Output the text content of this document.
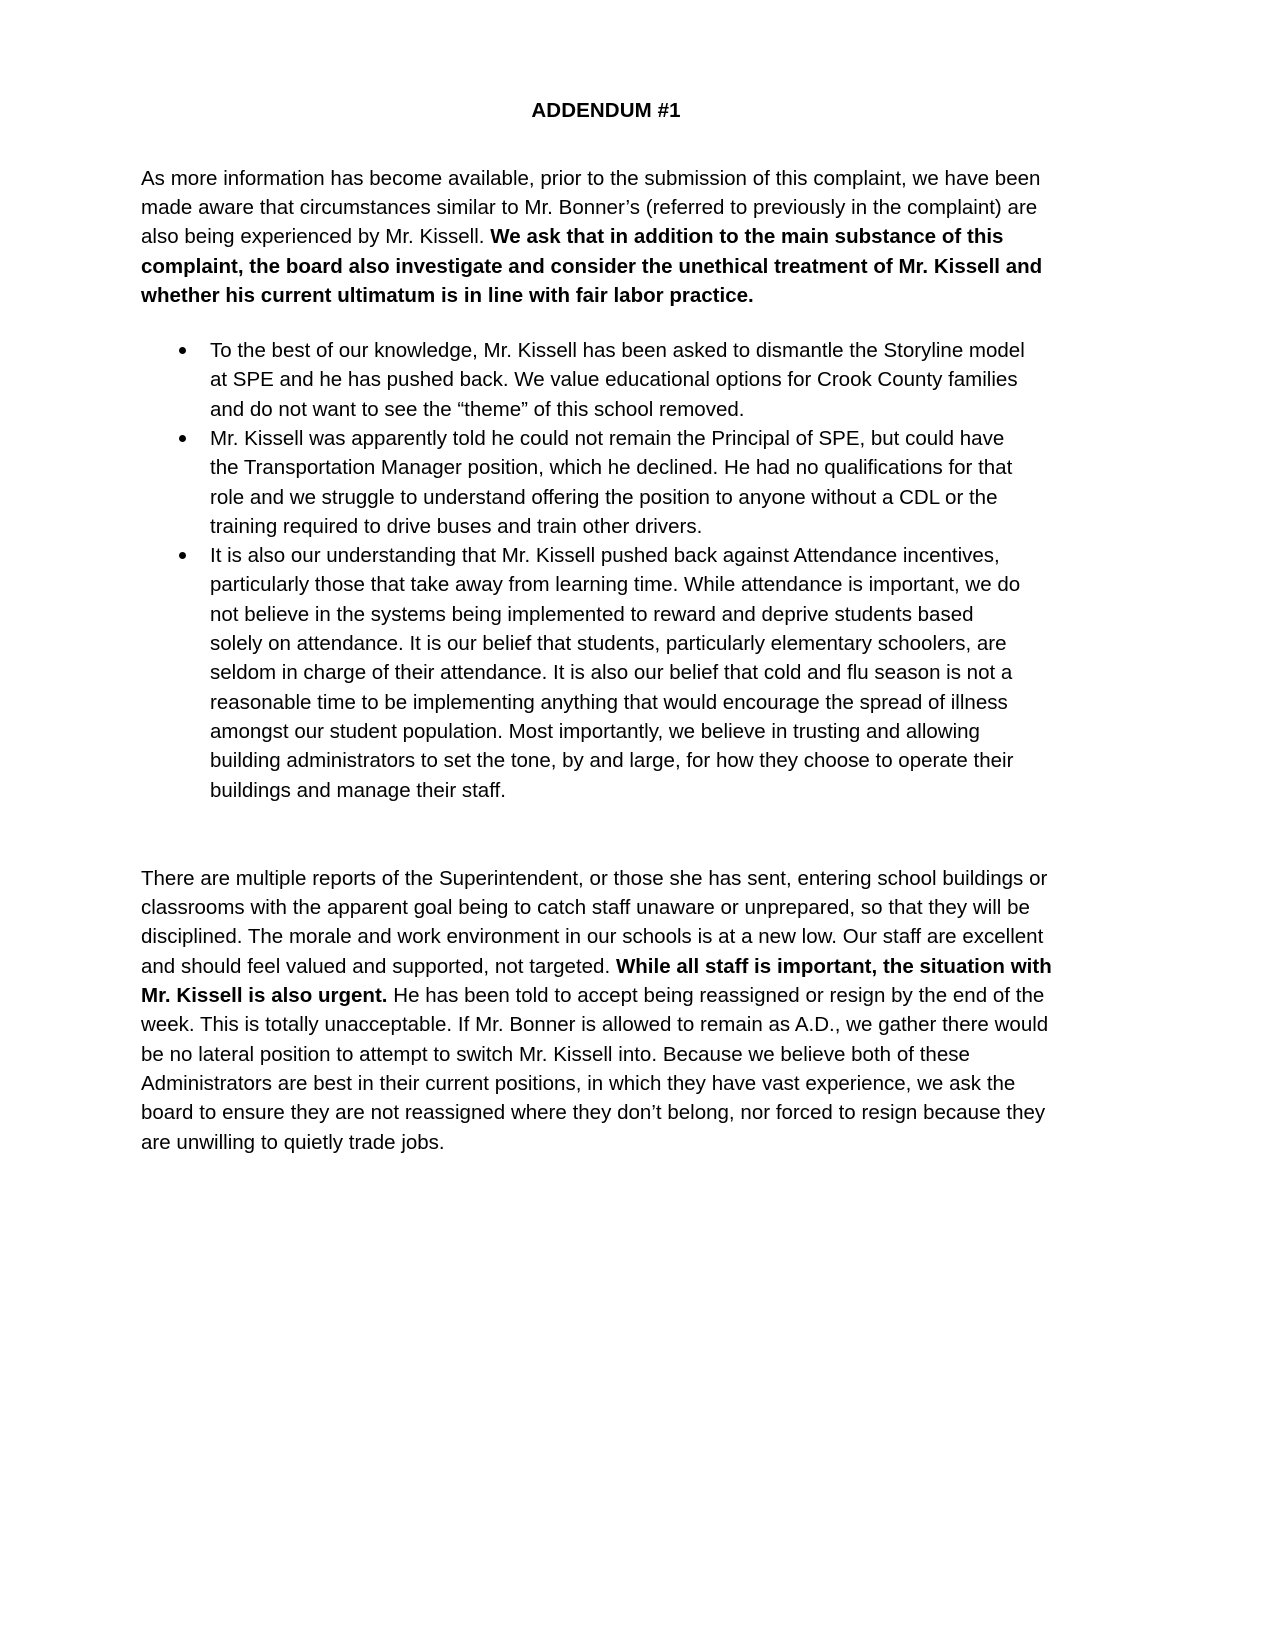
ADDENDUM #1

As more information has become available, prior to the submission of this complaint, we have been made aware that circumstances similar to Mr. Bonner’s (referred to previously in the complaint) are also being experienced by Mr. Kissell. We ask that in addition to the main substance of this complaint, the board also investigate and consider the unethical treatment of Mr. Kissell and whether his current ultimatum is in line with fair labor practice.

To the best of our knowledge, Mr. Kissell has been asked to dismantle the Storyline model at SPE and he has pushed back. We value educational options for Crook County families and do not want to see the “theme” of this school removed.
Mr. Kissell was apparently told he could not remain the Principal of SPE, but could have the Transportation Manager position, which he declined. He had no qualifications for that role and we struggle to understand offering the position to anyone without a CDL or the training required to drive buses and train other drivers.
It is also our understanding that Mr. Kissell pushed back against Attendance incentives, particularly those that take away from learning time. While attendance is important, we do not believe in the systems being implemented to reward and deprive students based solely on attendance. It is our belief that students, particularly elementary schoolers, are seldom in charge of their attendance. It is also our belief that cold and flu season is not a reasonable time to be implementing anything that would encourage the spread of illness amongst our student population. Most importantly, we believe in trusting and allowing building administrators to set the tone, by and large, for how they choose to operate their buildings and manage their staff.

There are multiple reports of the Superintendent, or those she has sent, entering school buildings or classrooms with the apparent goal being to catch staff unaware or unprepared, so that they will be disciplined. The morale and work environment in our schools is at a new low. Our staff are excellent and should feel valued and supported, not targeted. While all staff is important, the situation with Mr. Kissell is also urgent. He has been told to accept being reassigned or resign by the end of the week. This is totally unacceptable. If Mr. Bonner is allowed to remain as A.D., we gather there would be no lateral position to attempt to switch Mr. Kissell into. Because we believe both of these Administrators are best in their current positions, in which they have vast experience, we ask the board to ensure they are not reassigned where they don’t belong, nor forced to resign because they are unwilling to quietly trade jobs.
